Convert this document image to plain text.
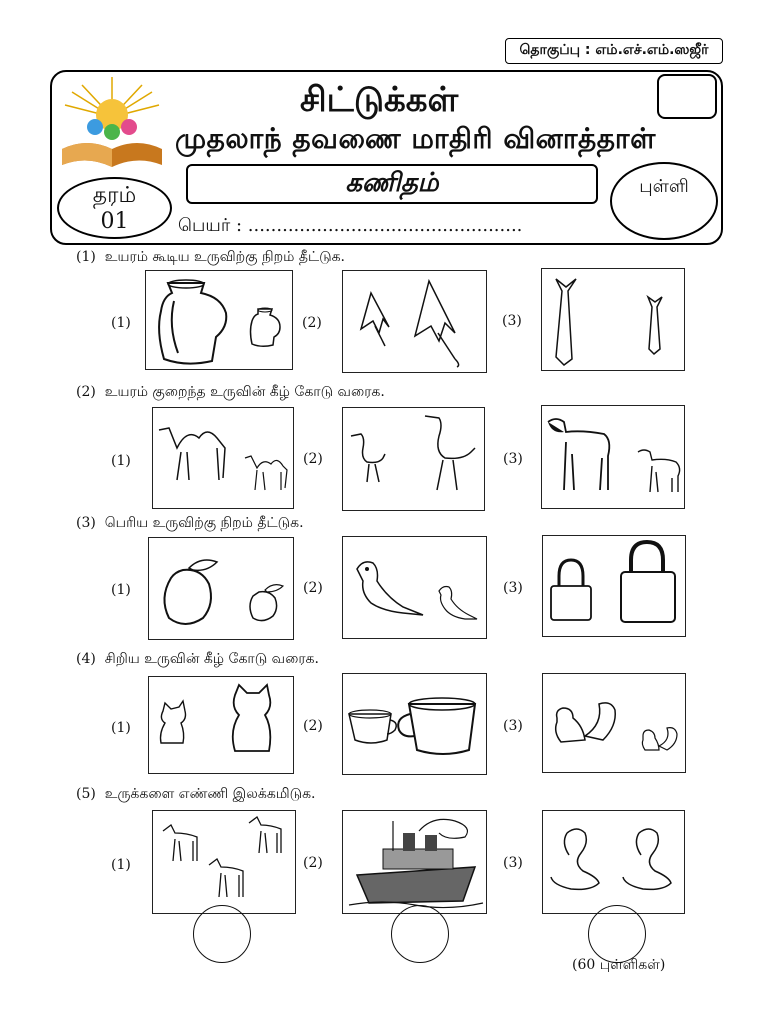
தொகுப்பு : எம்.எச்.எம்.ஸஜீர்
சிட்டுக்கள்
முதலாந் தவணை மாதிரி வினாத்தாள்
கணிதம்
தரம்
01
புள்ளி
பெயர் : ................................................
(1) உயரம் கூடிய உருவிற்கு நிறம் தீட்டுக.
(1)	(2)	(3)
(2) உயரம் குறைந்த உருவின் கீழ் கோடு வரைக.
(1)	(2)	(3)
(3) பெரிய உருவிற்கு நிறம் தீட்டுக.
(1)	(2)	(3)
(4) சிறிய உருவின் கீழ் கோடு வரைக.
(1)	(2)	(3)
(5) உருக்களை எண்ணி இலக்கமிடுக.
(1)	(2)	(3)
(60 புள்ளிகள்)
